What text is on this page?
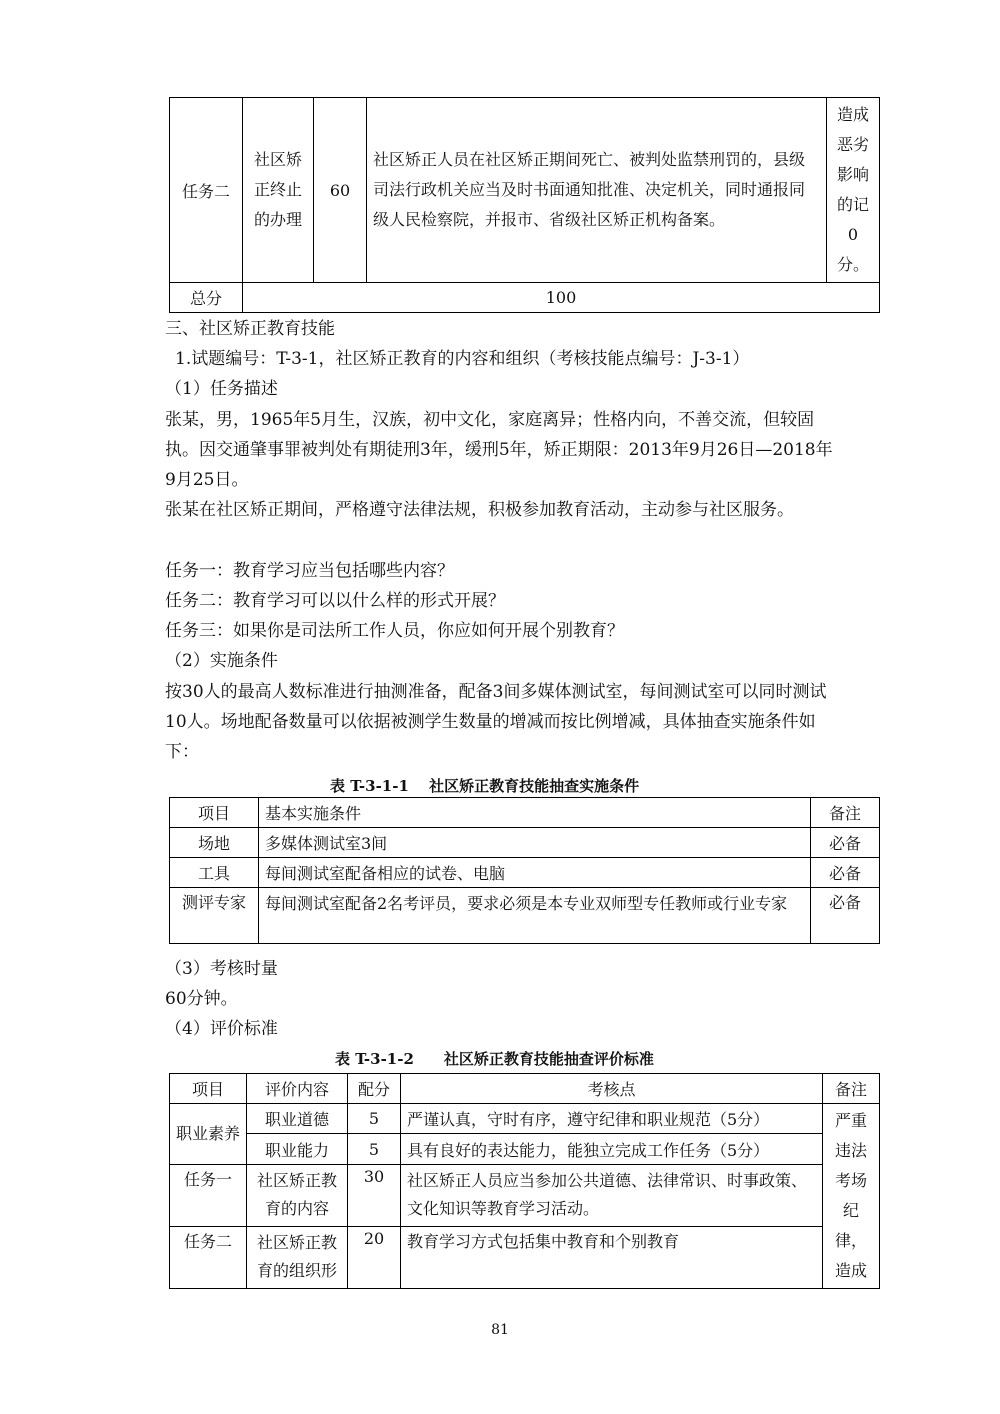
任务二	社区矫正终止的办理	60	社区矫正人员在社区矫正期间死亡、被判处监禁刑罚的，县级司法行政机关应当及时书面通知批准、决定机关，同时通报同级人民检察院，并报市、省级社区矫正机构备案。	造成恶劣影响的记0分。
总分	100			
三、社区矫正教育技能
1.试题编号：T-3-1，社区矫正教育的内容和组织（考核技能点编号：J-3-1）
（1）任务描述
张某，男，1965年5月生，汉族，初中文化，家庭离异；性格内向，不善交流，但较固执。因交通肇事罪被判处有期徒刑3年，缓刑5年，矫正期限：2013年9月26日—2018年9月25日。
张某在社区矫正期间，严格遵守法律法规，积极参加教育活动，主动参与社区服务。
任务一：教育学习应当包括哪些内容？
任务二：教育学习可以以什么样的形式开展？
任务三：如果你是司法所工作人员，你应如何开展个别教育？
（2）实施条件
按30人的最高人数标准进行抽测准备，配备3间多媒体测试室，每间测试室可以同时测试10人。场地配备数量可以依据被测学生数量的增减而按比例增减，具体抽查实施条件如下：
表 T-3-1-1　 社区矫正教育技能抽查实施条件
项目	基本实施条件	备注
场地	多媒体测试室3间	必备
工具	每间测试室配备相应的试卷、电脑	必备
测评专家	每间测试室配备2名考评员，要求必须是本专业双师型专任教师或行业专家	必备
（3）考核时量
60分钟。
（4）评价标准
表 T-3-1-2　　社区矫正教育技能抽查评价标准
项目	评价内容	配分	考核点	备注
职业素养	职业道德	5	严谨认真，守时有序，遵守纪律和职业规范（5分）	严重违法考场纪律，造成
	职业能力	5	具有良好的表达能力，能独立完成工作任务（5分）	
任务一	社区矫正教育的内容	30	社区矫正人员应当参加公共道德、法律常识、时事政策、文化知识等教育学习活动。	
任务二	社区矫正教育的组织形	20	教育学习方式包括集中教育和个别教育	
81
